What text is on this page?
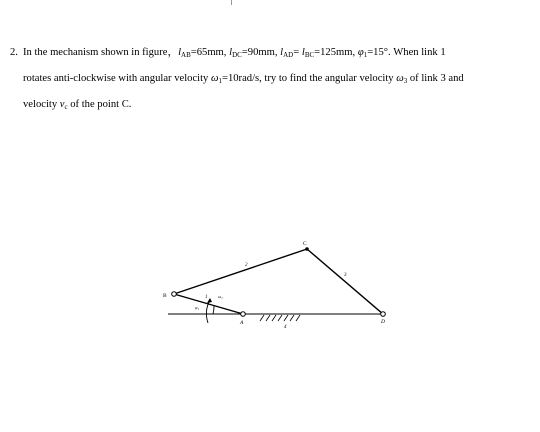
2. In the mechanism shown in figure，$l_{AB}=65mm$, $l_{DC}=90mm$, $l_{AD}= l_{BC}=125mm$, $\varphi_1=15^\circ$. When link 1
rotates anti-clockwise with angular velocity $\omega_1=10rad/s$, try to find the angular velocity $\omega_3$ of link 3 and
velocity $v_c$ of the point C.
B
C
A	D
1
2
3
4
ω₁
φ₁
